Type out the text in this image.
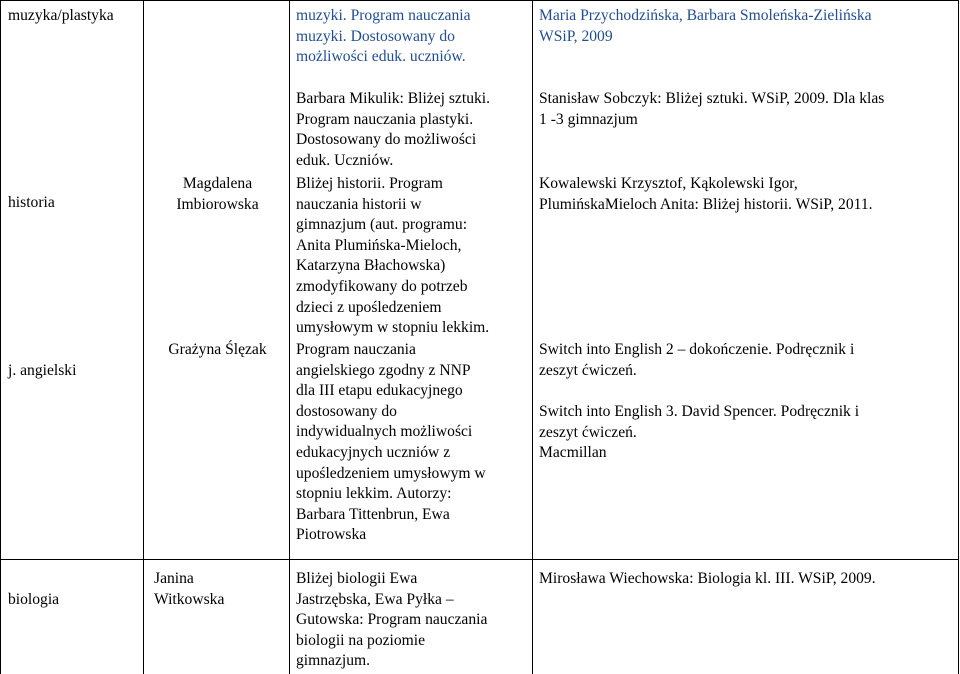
muzyka/plastyka	muzyki. Program nauczania
muzyki. Dostosowany do
możliwości eduk. uczniów.
Maria Przychodzińska, Barbara Smoleńska-Zielińska
WSiP, 2009
Barbara Mikulik: Bliżej sztuki.
Program nauczania plastyki.
Dostosowany do możliwości
eduk. Uczniów.
Stanisław Sobczyk: Bliżej sztuki. WSiP, 2009. Dla klas
1 -3 gimnazjum
historia
Magdalena
Imbiorowska
Bliżej historii. Program
nauczania historii w
gimnazjum (aut. programu:
Anita Plumińska-Mieloch,
Katarzyna Błachowska)
zmodyfikowany do potrzeb
dzieci z upośledzeniem
umysłowym w stopniu lekkim.
Kowalewski Krzysztof, Kąkolewski Igor,
PlumińskaMieloch Anita: Bliżej historii. WSiP, 2011.
j. angielski
Grażyna Ślęzak	Program nauczania
angielskiego zgodny z NNP
dla III etapu edukacyjnego
dostosowany do
indywidualnych możliwości
edukacyjnych uczniów z
upośledzeniem umysłowym w
stopniu lekkim. Autorzy:
Barbara Tittenbrun, Ewa
Piotrowska
Switch into English 2 – dokończenie. Podręcznik i
zeszyt ćwiczeń.
Switch into English 3. David Spencer. Podręcznik i
zeszyt ćwiczeń.
Macmillan
biologia
Janina
Witkowska
Bliżej biologii Ewa
Jastrzębska, Ewa Pyłka –
Gutowska: Program nauczania
biologii na poziomie
gimnazjum.
Mirosława Wiechowska: Biologia kl. III. WSiP, 2009.
